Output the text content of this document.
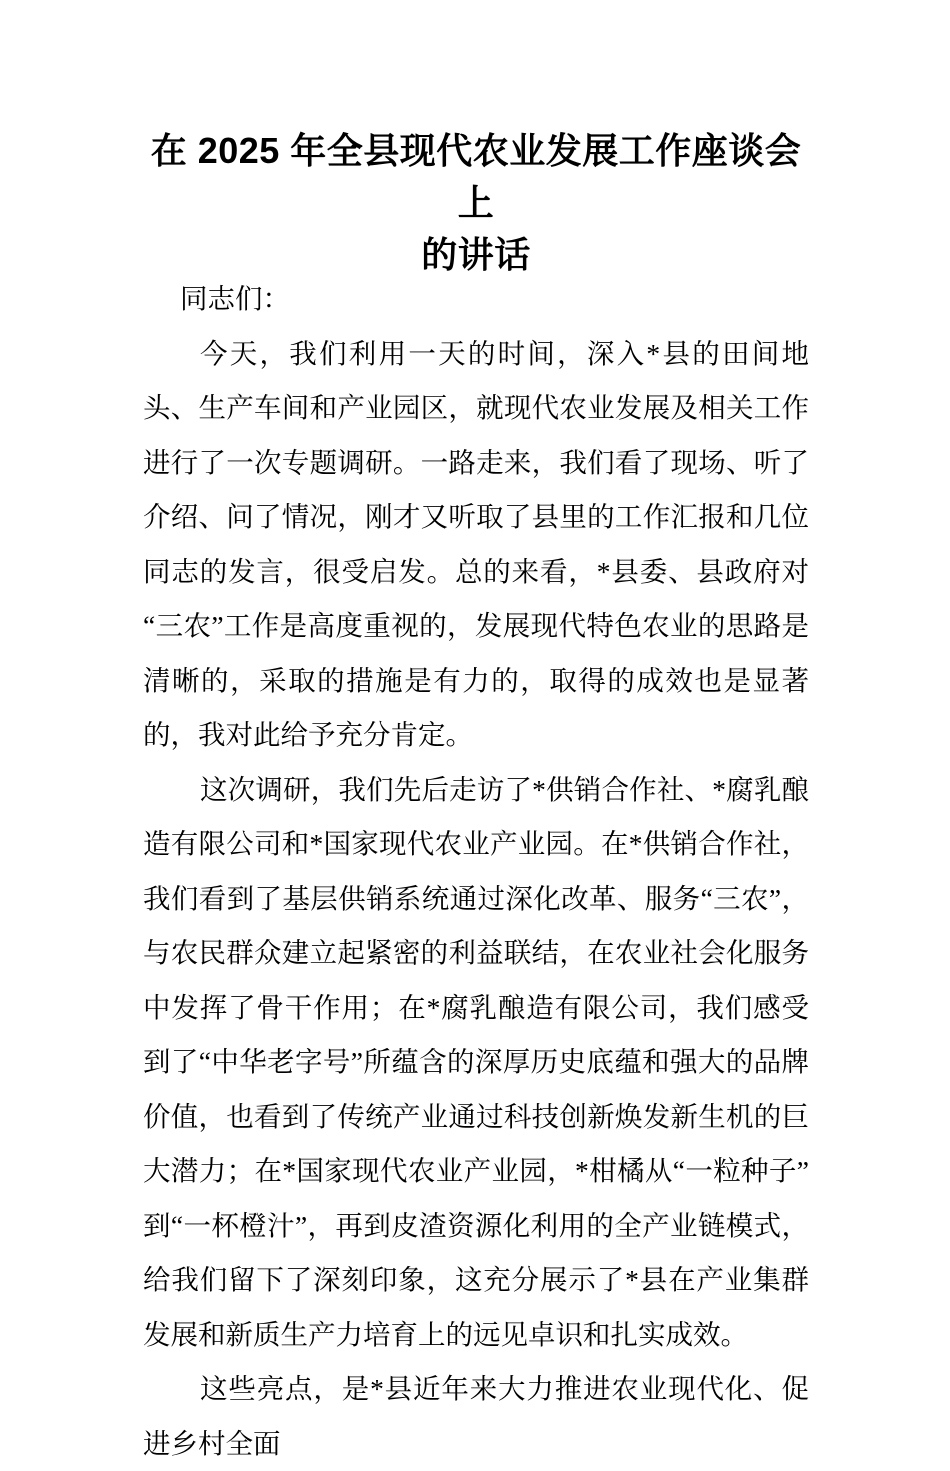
在 2025 年全县现代农业发展工作座谈会上
的讲话

同志们：

今天，我们利用一天的时间，深入*县的田间地头、生产车间和产业园区，就现代农业发展及相关工作进行了一次专题调研。一路走来，我们看了现场、听了介绍、问了情况，刚才又听取了县里的工作汇报和几位同志的发言，很受启发。总的来看，*县委、县政府对“三农”工作是高度重视的，发展现代特色农业的思路是清晰的，采取的措施是有力的，取得的成效也是显著的，我对此给予充分肯定。

这次调研，我们先后走访了*供销合作社、*腐乳酿造有限公司和*国家现代农业产业园。在*供销合作社，我们看到了基层供销系统通过深化改革、服务“三农”，与农民群众建立起紧密的利益联结，在农业社会化服务中发挥了骨干作用；在*腐乳酿造有限公司，我们感受到了“中华老字号”所蕴含的深厚历史底蕴和强大的品牌价值，也看到了传统产业通过科技创新焕发新生机的巨大潜力；在*国家现代农业产业园，*柑橘从“一粒种子”到“一杯橙汁”，再到皮渣资源化利用的全产业链模式，给我们留下了深刻印象，这充分展示了*县在产业集群发展和新质生产力培育上的远见卓识和扎实成效。

这些亮点，是*县近年来大力推进农业现代化、促进乡村全面
